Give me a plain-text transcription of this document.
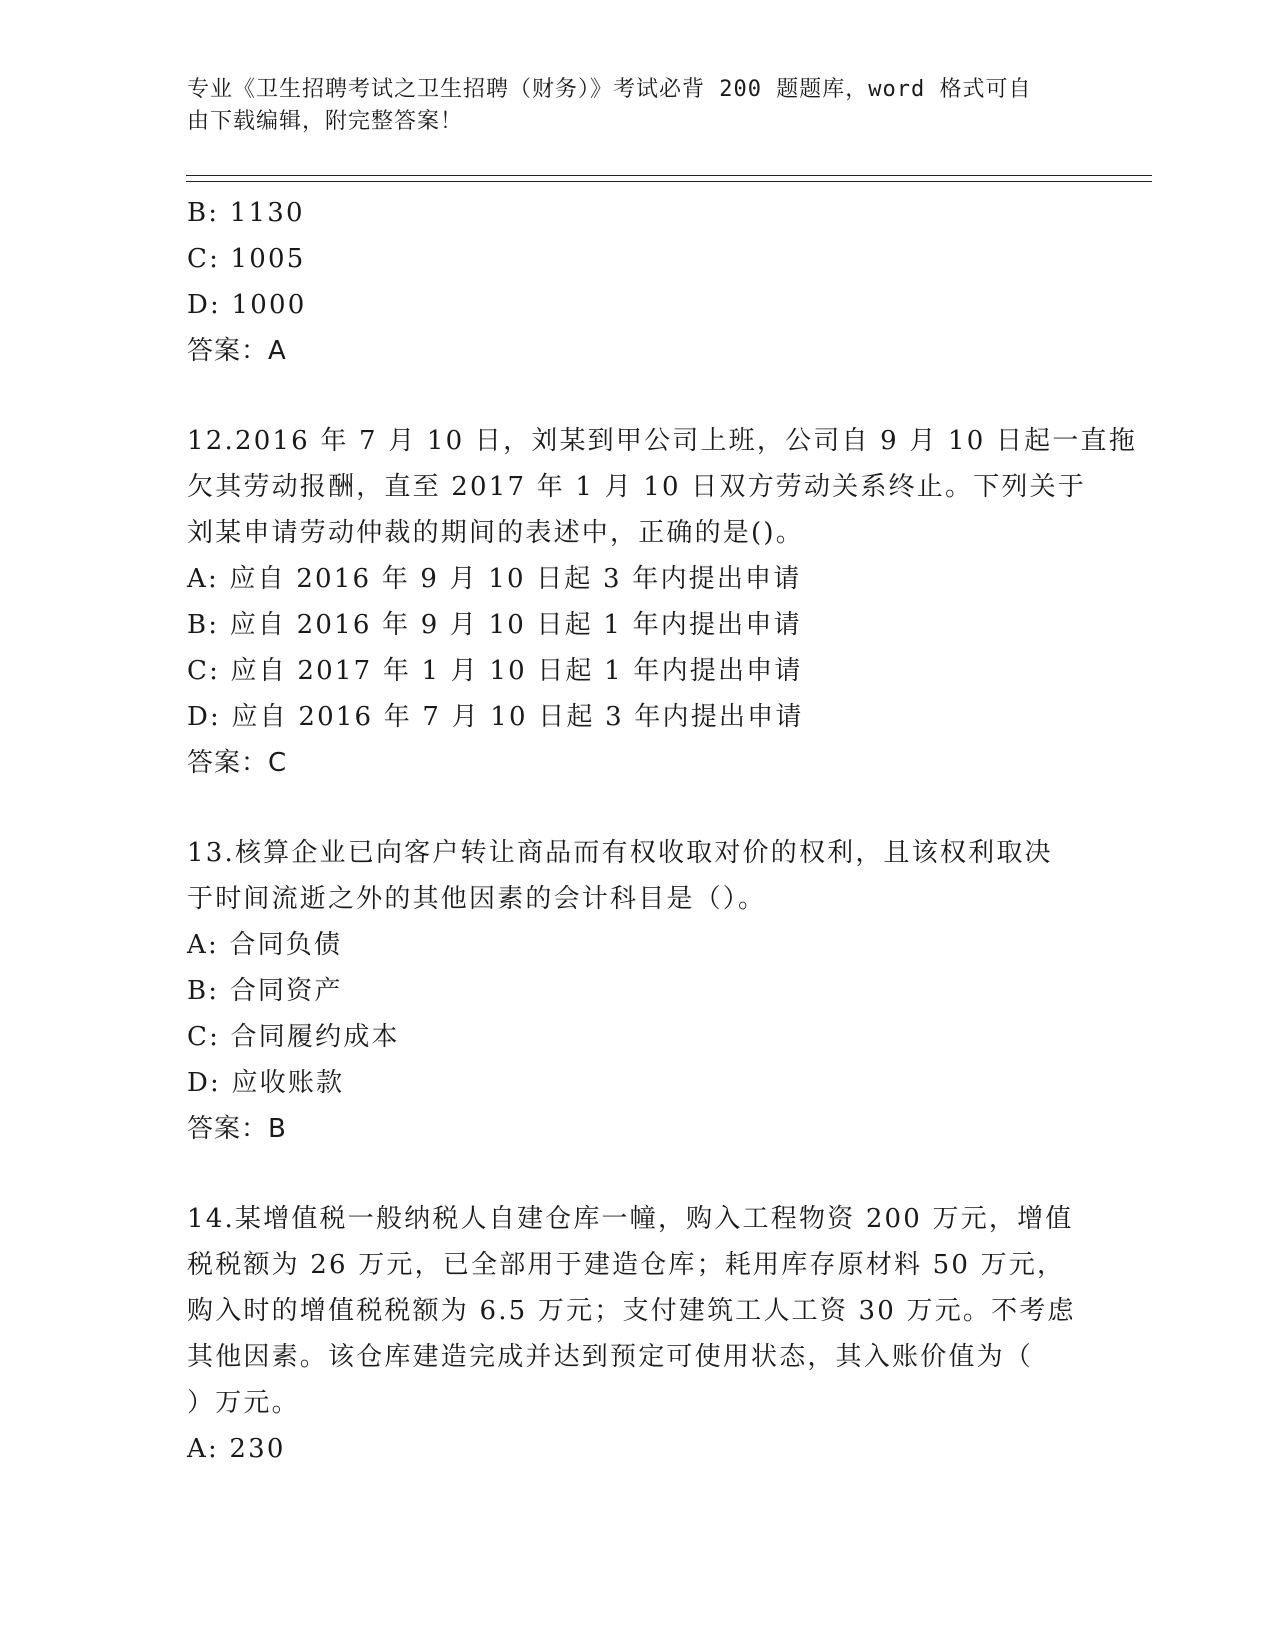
专业《卫生招聘考试之卫生招聘（财务）》考试必背 200 题题库，word 格式可自
由下载编辑，附完整答案！
B: 1130
C: 1005
D: 1000
答案：A
12.2016 年 7 月 10 日，刘某到甲公司上班，公司自 9 月 10 日起一直拖
欠其劳动报酬，直至 2017 年 1 月 10 日双方劳动关系终止。下列关于
刘某申请劳动仲裁的期间的表述中，正确的是()。
A: 应自 2016 年 9 月 10 日起 3 年内提出申请
B: 应自 2016 年 9 月 10 日起 1 年内提出申请
C: 应自 2017 年 1 月 10 日起 1 年内提出申请
D: 应自 2016 年 7 月 10 日起 3 年内提出申请
答案：C
13.核算企业已向客户转让商品而有权收取对价的权利，且该权利取决
于时间流逝之外的其他因素的会计科目是（）。
A: 合同负债
B: 合同资产
C: 合同履约成本
D: 应收账款
答案：B
14.某增值税一般纳税人自建仓库一幢，购入工程物资 200 万元，增值
税税额为 26 万元，已全部用于建造仓库；耗用库存原材料 50 万元，
购入时的增值税税额为 6.5 万元；支付建筑工人工资 30 万元。不考虑
其他因素。该仓库建造完成并达到预定可使用状态，其入账价值为（
）万元。
A: 230
